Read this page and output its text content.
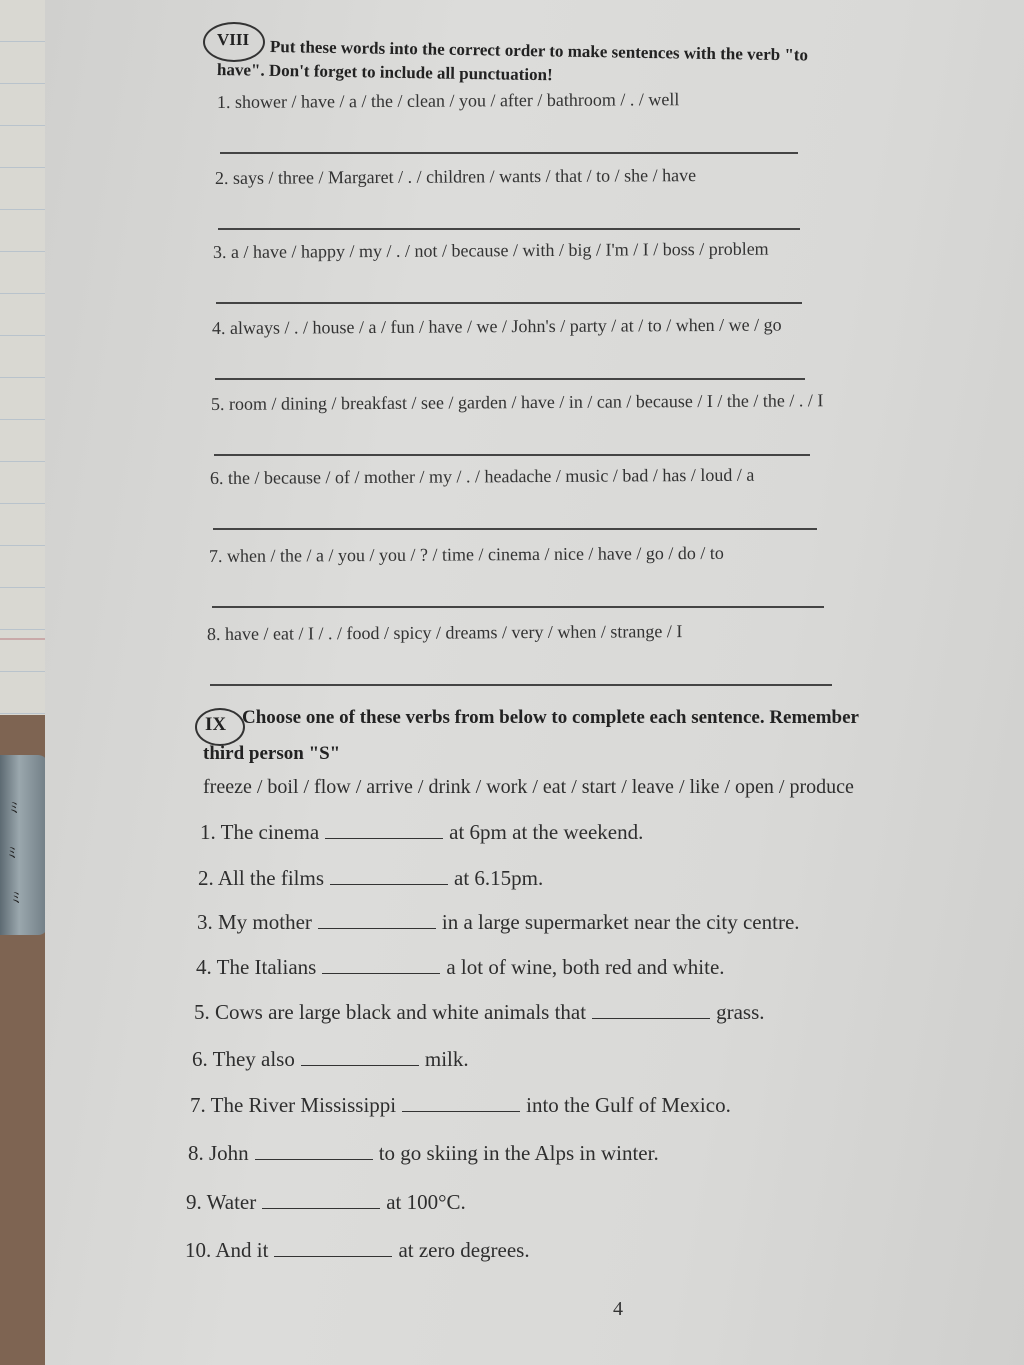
ﾐ
ﾐ
ﾐ
VIII Put these words into the correct order to make sentences with the verb "to
have". Don't forget to include all punctuation!
1. shower / have / a / the / clean / you / after / bathroom / . / well
2. says / three / Margaret / . / children / wants / that / to / she / have
3. a / have / happy / my / . / not / because / with / big / I'm / I / boss / problem
4. always / . / house / a / fun / have / we / John's / party / at / to / when / we / go
5. room / dining / breakfast / see / garden / have / in / can / because / I / the / the / . / I
6. the / because / of / mother / my / . / headache / music / bad / has / loud / a
7. when / the / a / you / you / ? / time / cinema / nice / have / go / do / to
8. have / eat / I / . / food / spicy / dreams / very / when / strange / I
IX Choose one of these verbs from below to complete each sentence. Remember
third person "S"
freeze / boil / flow / arrive / drink / work / eat / start / leave / like / open / produce
1. The cinema	at 6pm at the weekend.
2. All the films	at 6.15pm.
3. My mother	in a large supermarket near the city centre.
4. The Italians	a lot of wine, both red and white.
5. Cows are large black and white animals that	grass.
6. They also	milk.
7. The River Mississippi	into the Gulf of Mexico.
8. John	to go skiing in the Alps in winter.
9. Water	at 100°C.
10. And it	at zero degrees.
4
